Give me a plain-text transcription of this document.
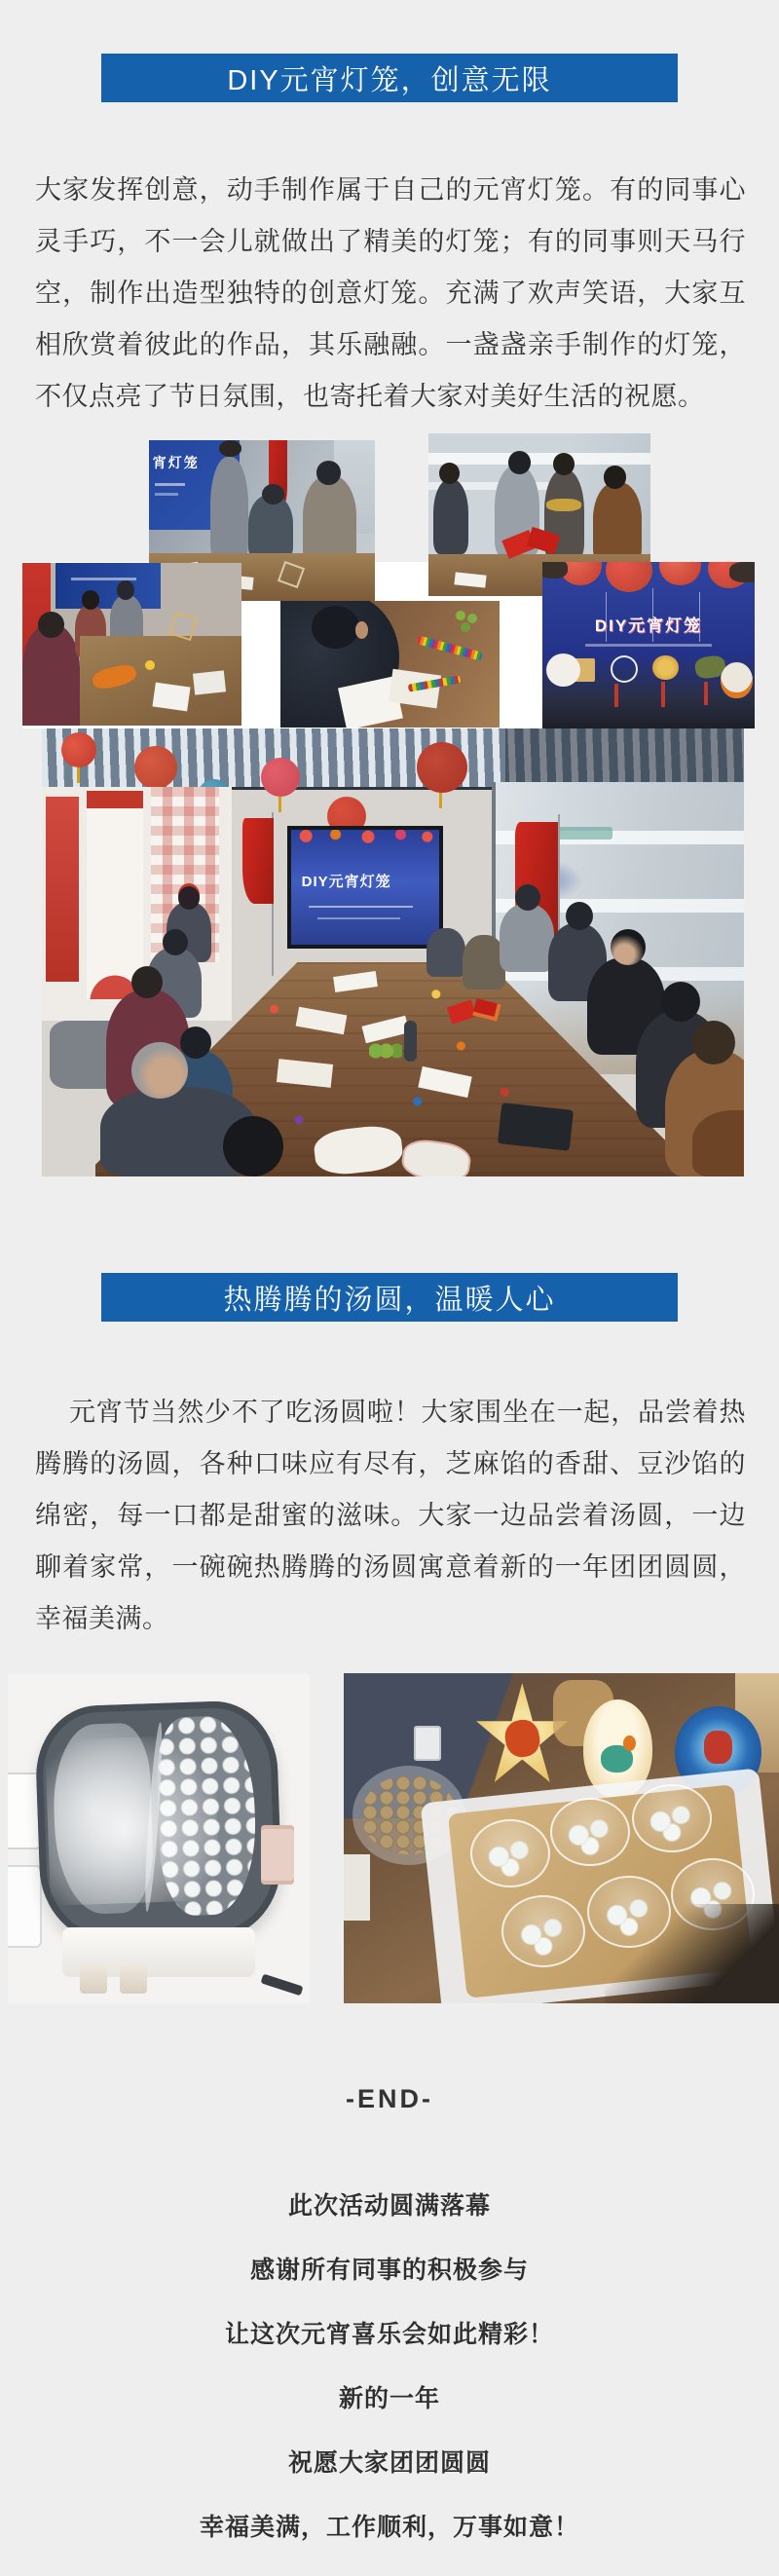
DIY元宵灯笼，创意无限

大家发挥创意，动手制作属于自己的元宵灯笼。有的同事心灵手巧，不一会儿就做出了精美的灯笼；有的同事则天马行空，制作出造型独特的创意灯笼。充满了欢声笑语，大家互相欣赏着彼此的作品，其乐融融。一盏盏亲手制作的灯笼，不仅点亮了节日氛围，也寄托着大家对美好生活的祝愿。

宵灯笼
DIY元宵灯笼
DIY元宵灯笼
热腾腾的汤圆，温暖人心

元宵节当然少不了吃汤圆啦！大家围坐在一起，品尝着热腾腾的汤圆，各种口味应有尽有，芝麻馅的香甜、豆沙馅的绵密，每一口都是甜蜜的滋味。大家一边品尝着汤圆，一边聊着家常，一碗碗热腾腾的汤圆寓意着新的一年团团圆圆，幸福美满。

-END-
此次活动圆满落幕
感谢所有同事的积极参与
让这次元宵喜乐会如此精彩！
新的一年
祝愿大家团团圆圆
幸福美满，工作顺利，万事如意！
